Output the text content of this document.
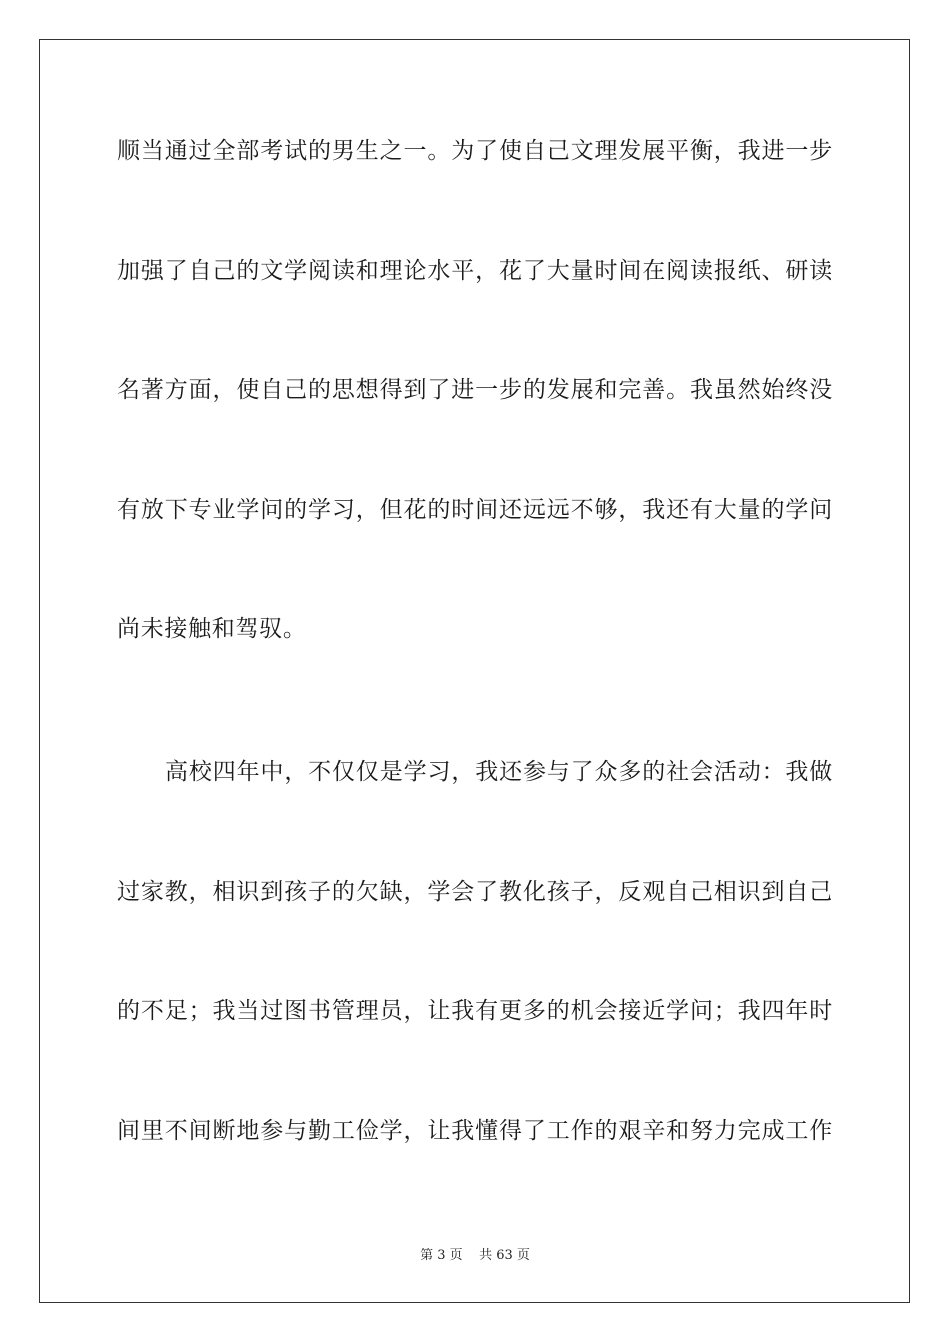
顺当通过全部考试的男生之一。为了使自己文理发展平衡，我进一步
加强了自己的文学阅读和理论水平，花了大量时间在阅读报纸、研读
名著方面，使自己的思想得到了进一步的发展和完善。我虽然始终没
有放下专业学问的学习，但花的时间还远远不够，我还有大量的学问
尚未接触和驾驭。
高校四年中，不仅仅是学习，我还参与了众多的社会活动：我做
过家教，相识到孩子的欠缺，学会了教化孩子，反观自己相识到自己
的不足；我当过图书管理员，让我有更多的机会接近学问；我四年时
间里不间断地参与勤工俭学，让我懂得了工作的艰辛和努力完成工作
第 3 页    共 63 页
